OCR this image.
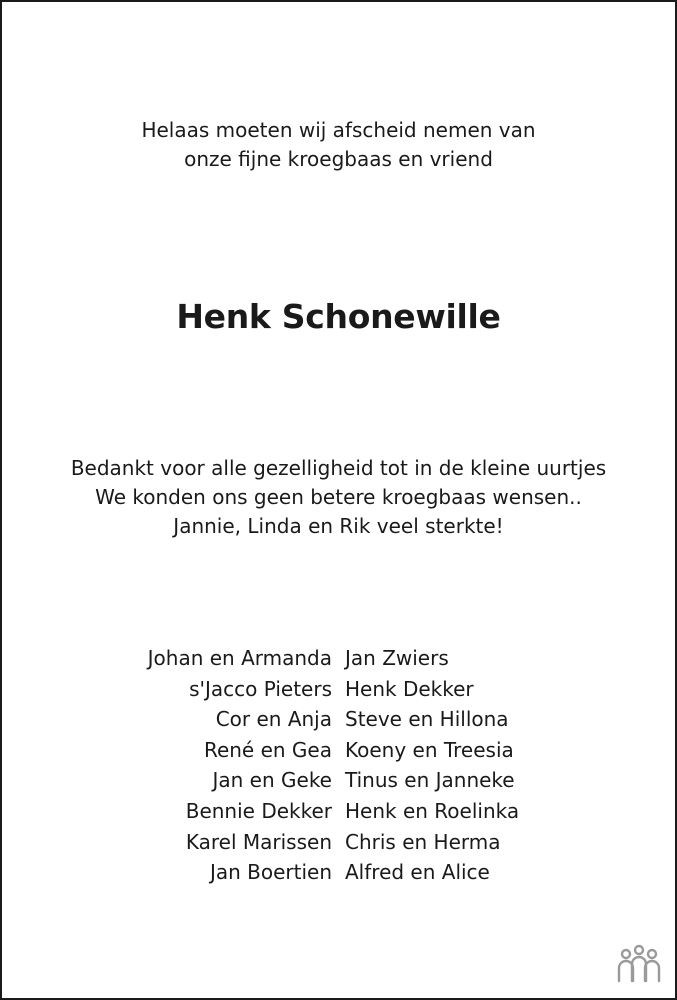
Helaas moeten wij afscheid nemen van
onze fijne kroegbaas en vriend
Henk Schonewille
Bedankt voor alle gezelligheid tot in de kleine uurtjes
We konden ons geen betere kroegbaas wensen..
Jannie, Linda en Rik veel sterkte!
Johan en Armanda
s'Jacco Pieters
Cor en Anja
René en Gea
Jan en Geke
Bennie Dekker
Karel Marissen
Jan Boertien
Jan Zwiers
Henk Dekker
Steve en Hillona
Koeny en Treesia
Tinus en Janneke
Henk en Roelinka
Chris en Herma
Alfred en Alice
